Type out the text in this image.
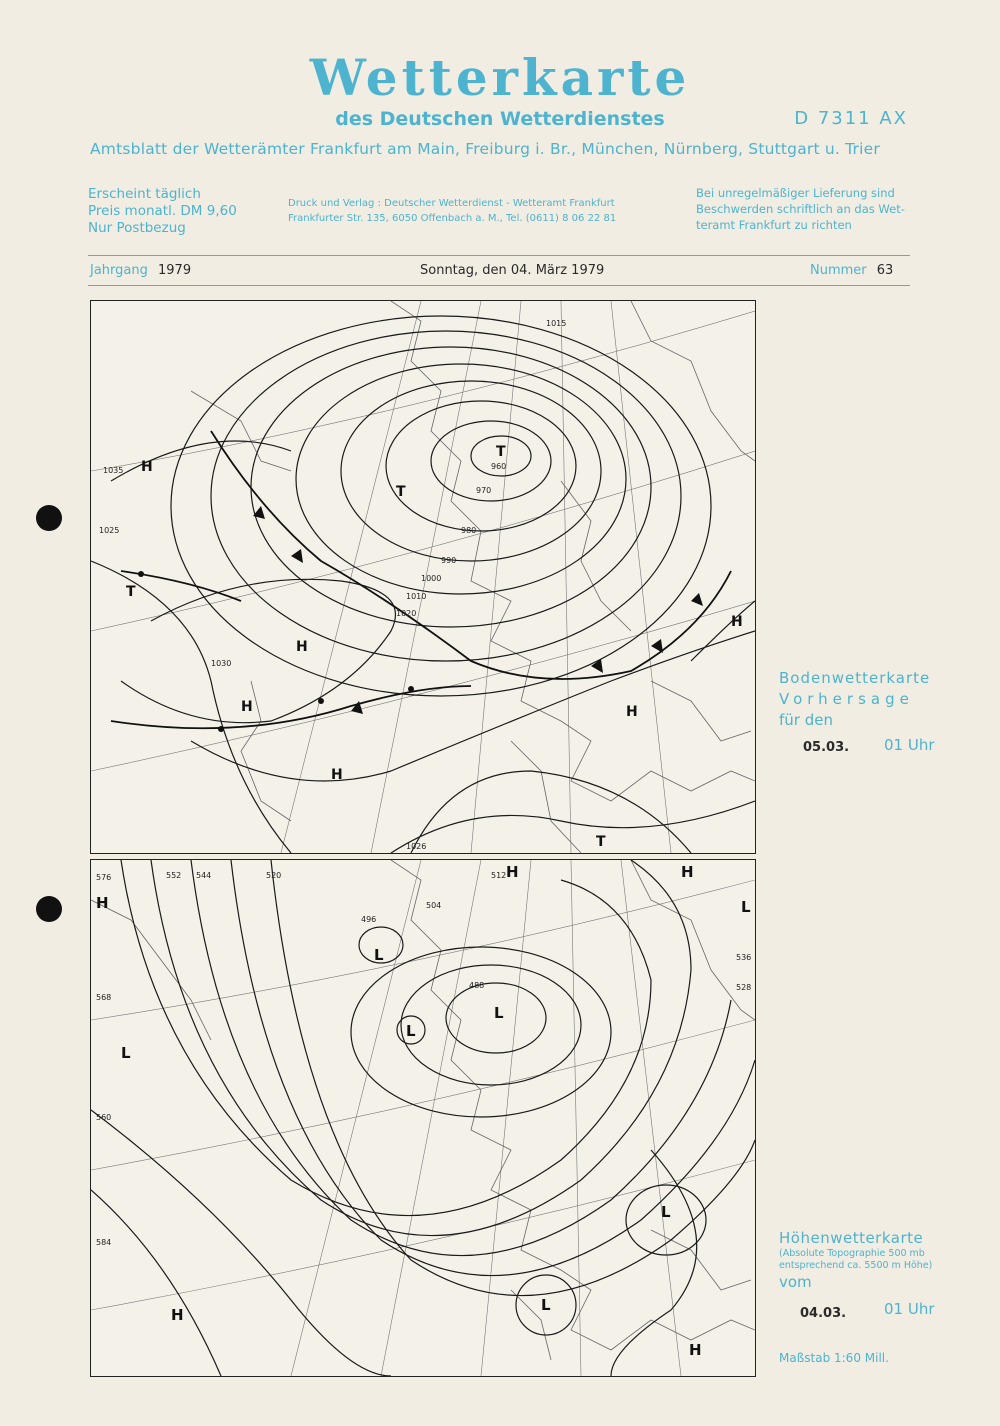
Wetterkarte
des Deutschen Wetterdienstes	D 7311 AX
Amtsblatt der Wetterämter Frankfurt am Main, Freiburg i. Br., München, Nürnberg, Stuttgart u. Trier
Erscheint täglich
Preis monatl. DM 9,60
Nur Postbezug
Druck und Verlag : Deutscher Wetterdienst - Wetteramt Frankfurt
Frankfurter Str. 135, 6050 Offenbach a. M., Tel. (0611) 8 06 22 81
Bei unregelmäßiger Lieferung sind
Beschwerden schriftlich an das Wet-
teramt Frankfurt zu richten
Jahrgang 1979	Sonntag, den 04. März 1979	Nummer 63
T
T
T
T
H
H
H
H
H
H
960
970
980
990
1000
1010
1020
1030
1015
1025
1035
1026
Bodenwetterkarte
Vorhersage
für den
05.03. 01 Uhr
L
L
L
L
L
L
L
H
H	H
H
H
576
568
560
552 544
536
528
520	512
504
496
488
584	Höhenwetterkarte
(Absolute Topographie 500 mb
entsprechend ca. 5500 m Höhe)
vom
04.03.	01 Uhr
Maßstab 1:60 Mill.
